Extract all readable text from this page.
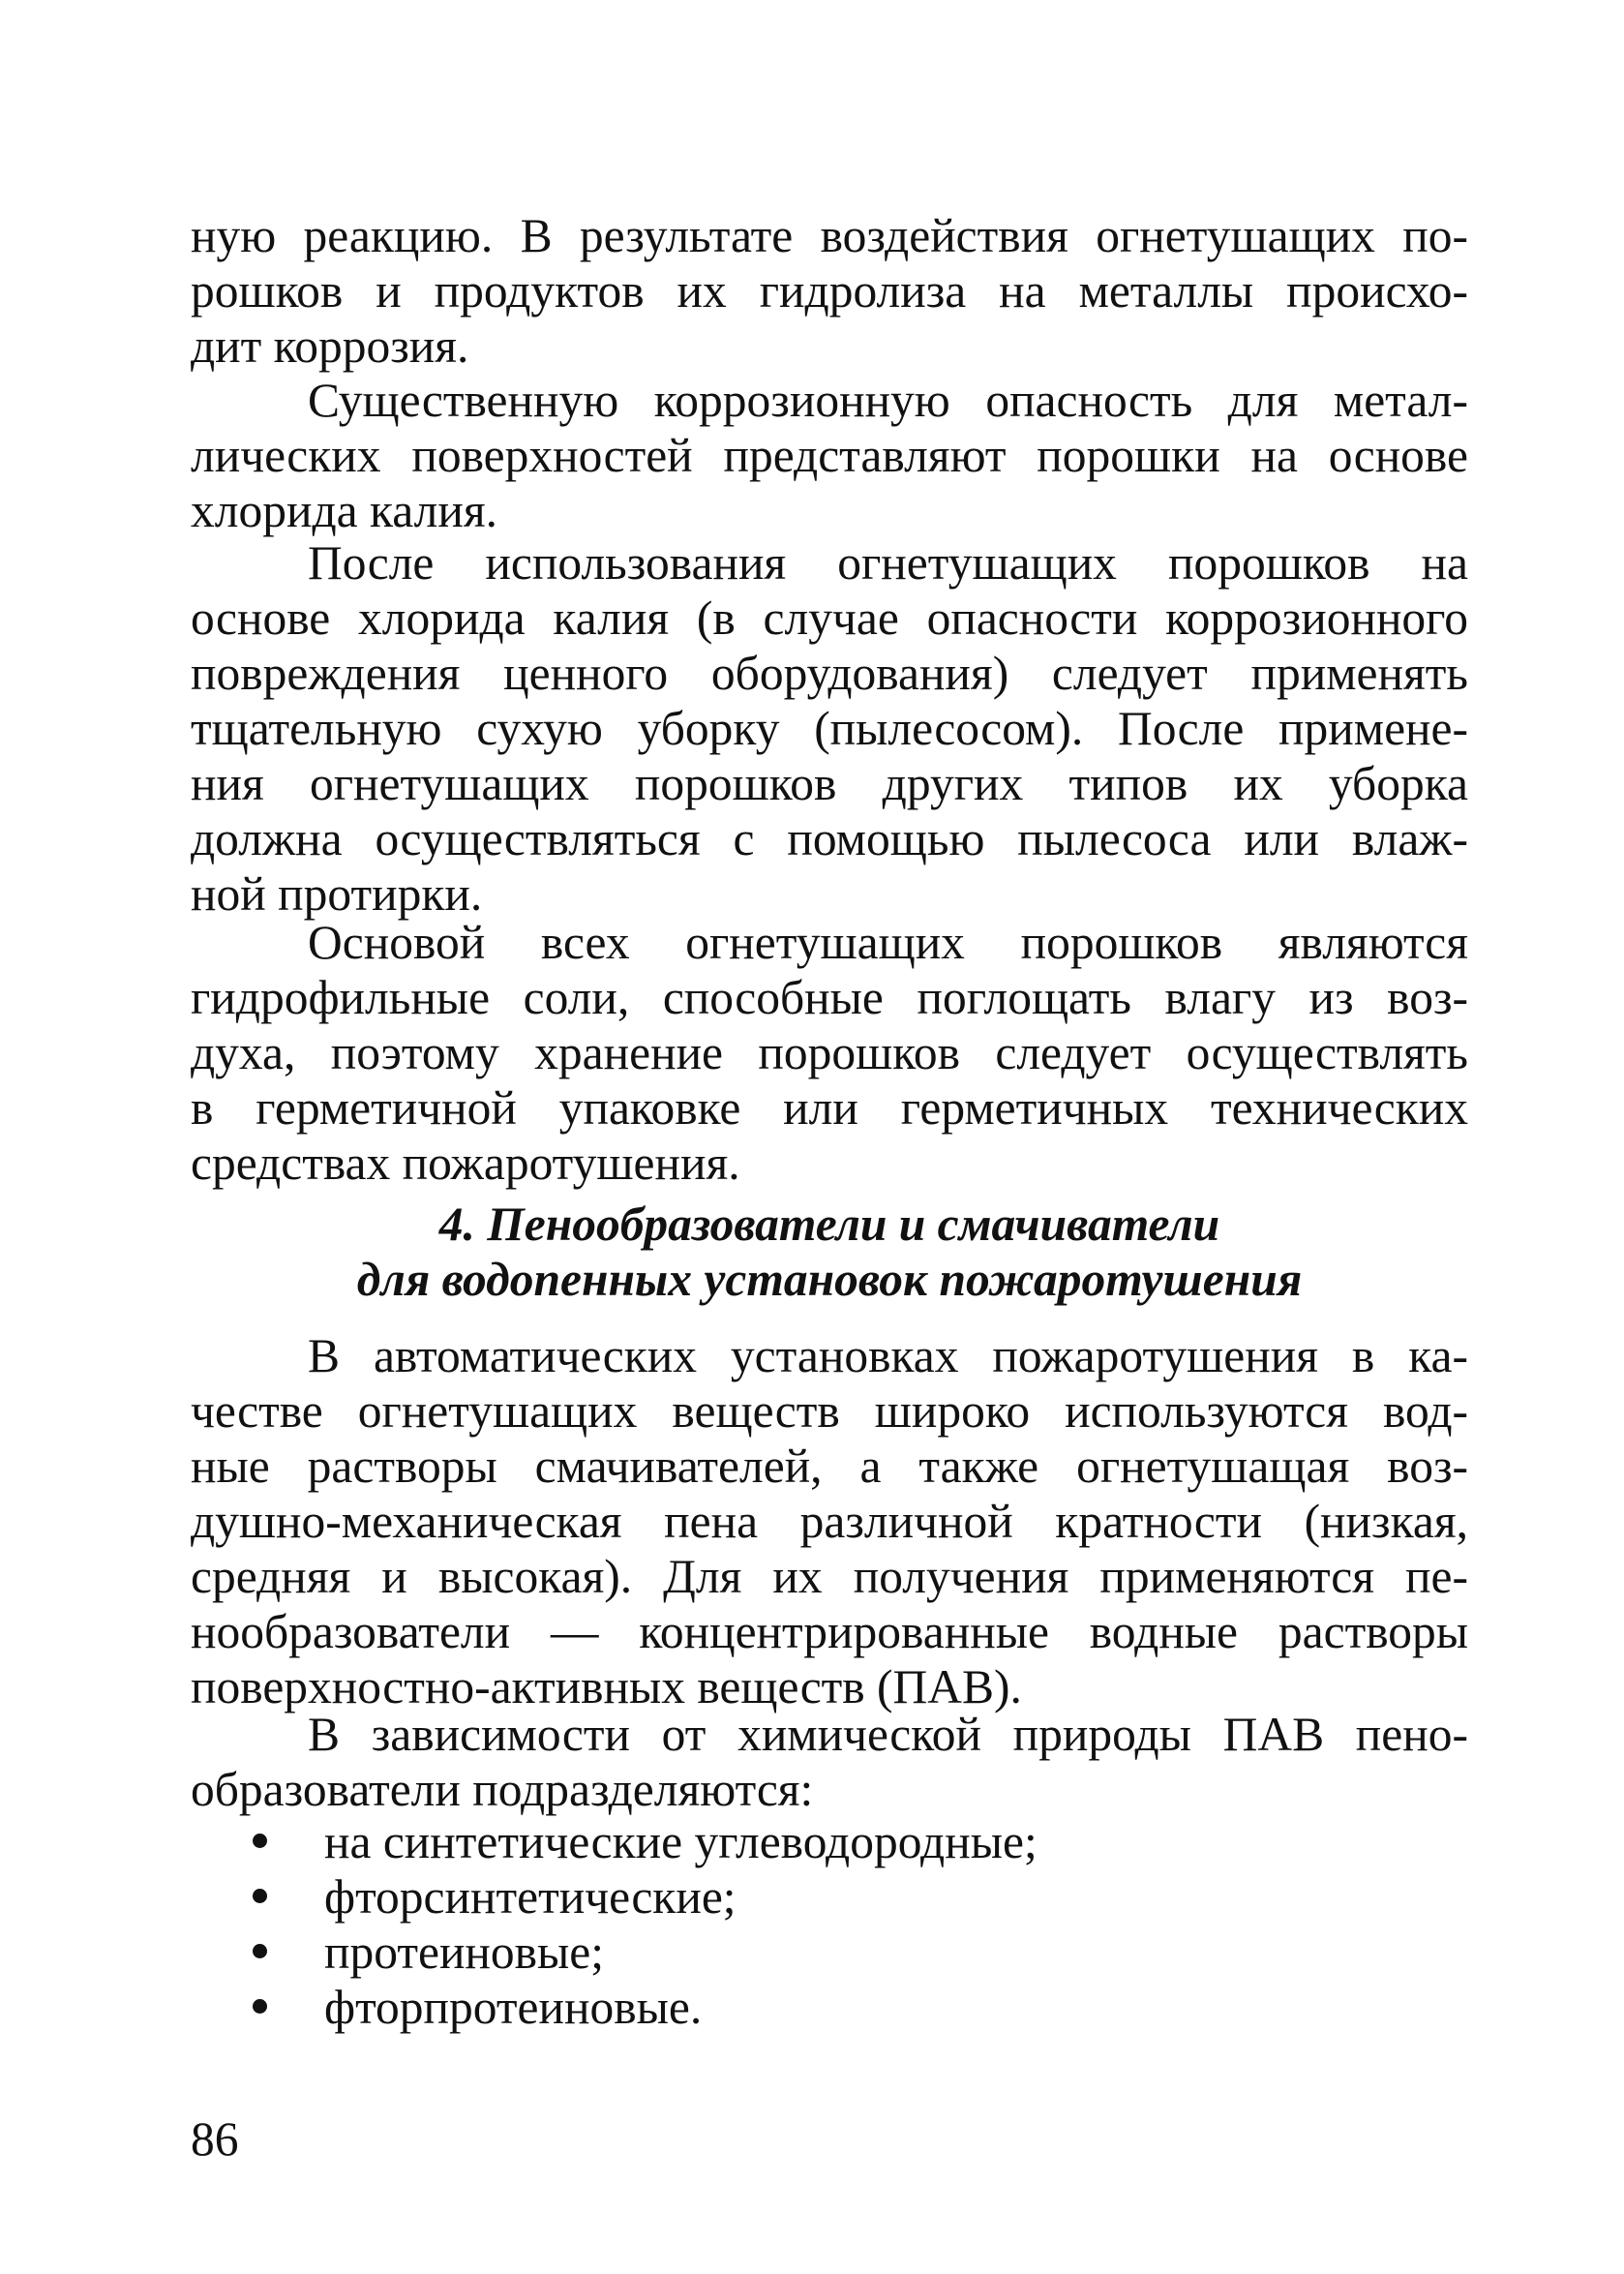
ную реакцию. В результате воздействия огнетушащих по-
рошков и продуктов их гидролиза на металлы происхо-
дит коррозия.
Существенную коррозионную опасность для метал-
лических поверхностей представляют порошки на основе
хлорида калия.
После использования огнетушащих порошков на
основе хлорида калия (в случае опасности коррозионного
повреждения ценного оборудования) следует применять
тщательную сухую уборку (пылесосом). После примене-
ния огнетушащих порошков других типов их уборка
должна осуществляться с помощью пылесоса или влаж-
ной протирки.
Основой всех огнетушащих порошков являются
гидрофильные соли, способные поглощать влагу из воз-
духа, поэтому хранение порошков следует осуществлять
в герметичной упаковке или герметичных технических
средствах пожаротушения.
4. Пенообразователи и смачиватели
для водопенных установок пожаротушения
В автоматических установках пожаротушения в ка-
честве огнетушащих веществ широко используются вод-
ные растворы смачивателей, а также огнетушащая воз-
душно-механическая пена различной кратности (низкая,
средняя и высокая). Для их получения применяются пе-
нообразователи — концентрированные водные растворы
поверхностно-активных веществ (ПАВ).
В зависимости от химической природы ПАВ пено-
образователи подразделяются:
на синтетические углеводородные;
фторсинтетические;
протеиновые;
фторпротеиновые.
86
